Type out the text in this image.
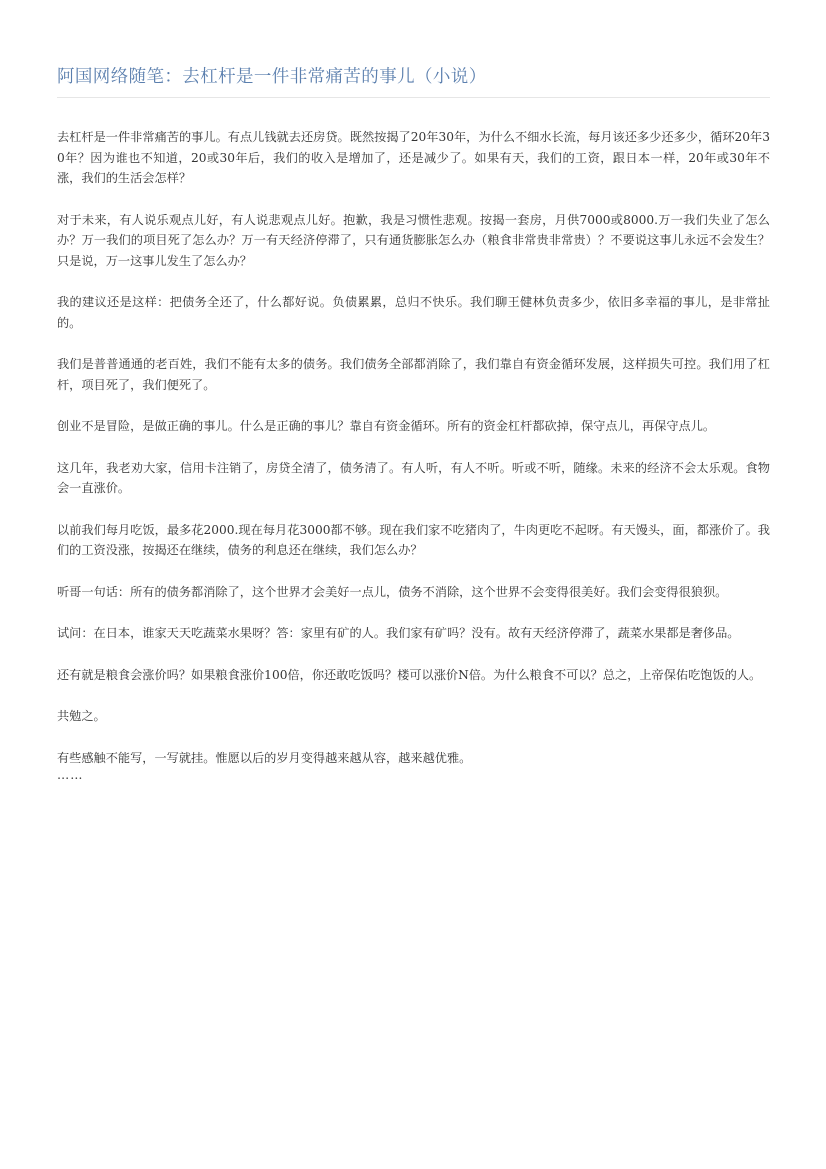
阿国网络随笔：去杠杆是一件非常痛苦的事儿（小说）

去杠杆是一件非常痛苦的事儿。有点儿钱就去还房贷。既然按揭了20年30年，为什么不细水长流，每月该还多少还多少，循环20年30年？因为谁也不知道，20或30年后，我们的收入是增加了，还是减少了。如果有天，我们的工资，跟日本一样，20年或30年不涨，我们的生活会怎样？

对于未来，有人说乐观点儿好，有人说悲观点儿好。抱歉，我是习惯性悲观。按揭一套房，月供7000或8000.万一我们失业了怎么办？万一我们的项目死了怎么办？万一有天经济停滞了，只有通货膨胀怎么办（粮食非常贵非常贵）？不要说这事儿永远不会发生？只是说，万一这事儿发生了怎么办？

我的建议还是这样：把债务全还了，什么都好说。负债累累，总归不快乐。我们聊王健林负责多少，依旧多幸福的事儿，是非常扯的。

我们是普普通通的老百姓，我们不能有太多的债务。我们债务全部都消除了，我们靠自有资金循环发展，这样损失可控。我们用了杠杆，项目死了，我们便死了。

创业不是冒险，是做正确的事儿。什么是正确的事儿？靠自有资金循环。所有的资金杠杆都砍掉，保守点儿，再保守点儿。

这几年，我老劝大家，信用卡注销了，房贷全清了，债务清了。有人听，有人不听。听或不听，随缘。未来的经济不会太乐观。食物会一直涨价。

以前我们每月吃饭，最多花2000.现在每月花3000都不够。现在我们家不吃猪肉了，牛肉更吃不起呀。有天馒头，面，都涨价了。我们的工资没涨，按揭还在继续，债务的利息还在继续，我们怎么办？

听哥一句话：所有的债务都消除了，这个世界才会美好一点儿，债务不消除，这个世界不会变得很美好。我们会变得很狼狈。

试问：在日本，谁家天天吃蔬菜水果呀？答：家里有矿的人。我们家有矿吗？没有。故有天经济停滞了，蔬菜水果都是奢侈品。

还有就是粮食会涨价吗？如果粮食涨价100倍，你还敢吃饭吗？楼可以涨价N倍。为什么粮食不可以？总之，上帝保佑吃饱饭的人。

共勉之。

有些感触不能写，一写就挂。惟愿以后的岁月变得越来越从容，越来越优雅。

……
